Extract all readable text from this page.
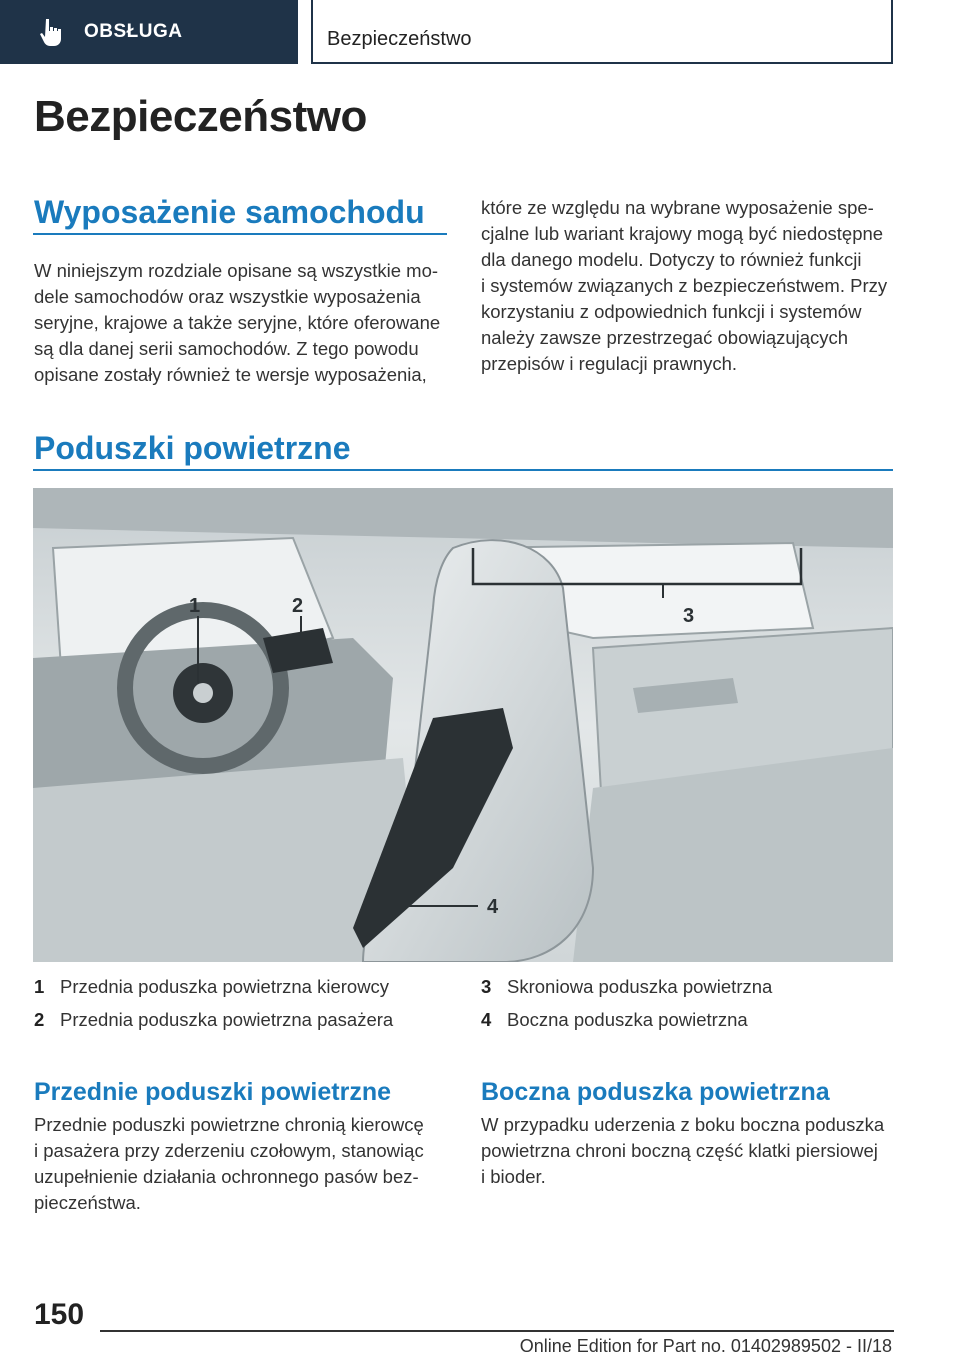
OBSŁUGA	Bezpieczeństwo
Bezpieczeństwo
Wyposażenie samochodu
W niniejszym rozdziale opisane są wszystkie mo-
dele samochodów oraz wszystkie wyposażenia
seryjne, krajowe a także seryjne, które oferowane
są dla danej serii samochodów. Z tego powodu
opisane zostały również te wersje wyposażenia,
które ze względu na wybrane wyposażenie spe-
cjalne lub wariant krajowy mogą być niedostępne
dla danego modelu. Dotyczy to również funkcji
i systemów związanych z bezpieczeństwem. Przy
korzystaniu z odpowiednich funkcji i systemów
należy zawsze przestrzegać obowiązujących
przepisów i regulacji prawnych.
Poduszki powietrzne
1	2	3
4
1 Przednia poduszka powietrzna kierowcy
2 Przednia poduszka powietrzna pasażera
3 Skroniowa poduszka powietrzna
4 Boczna poduszka powietrzna
Przednie poduszki powietrzne
Przednie poduszki powietrzne chronią kierowcę
i pasażera przy zderzeniu czołowym, stanowiąc
uzupełnienie działania ochronnego pasów bez-
pieczeństwa.
Boczna poduszka powietrzna
W przypadku uderzenia z boku boczna poduszka
powietrzna chroni boczną część klatki piersiowej
i bioder.
150
Online Edition for Part no. 01402989502 - II/18
